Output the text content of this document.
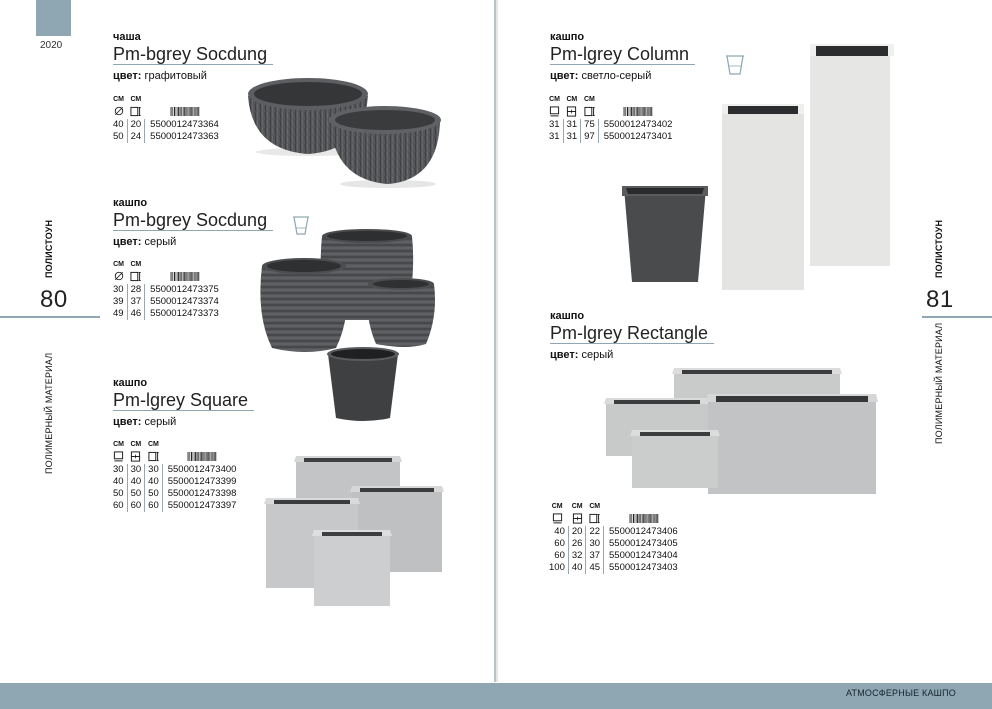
2020
АТМОСФЕРНЫЕ КАШПО
80
ПОЛИСТОУН
ПОЛИМЕРНЫЙ МАТЕРИАЛ
81
ПОЛИСТОУН
ПОЛИМЕРНЫЙ МАТЕРИАЛ
чаша
Pm-bgrey Socdung
цвет: графитовый
СМ	СМ	

40	20	5500012473364
50	24	5500012473363
кашпо
Pm-bgrey Socdung
цвет: серый
СМ	СМ	

30	28	5500012473375
39	37	5500012473374
49	46	5500012473373
кашпо
Pm-lgrey Square
цвет: серый
СМ	СМ	СМ	

30	30	30	5500012473400
40	40	40	5500012473399
50	50	50	5500012473398
60	60	60	5500012473397
кашпо
Pm-lgrey Column
цвет: светло-серый
СМ	СМ	СМ	

31	31	75	5500012473402
31	31	97	5500012473401
кашпо
Pm-lgrey Rectangle
цвет: серый
СМ	СМ	СМ	

40	20	22	5500012473406
60	26	30	5500012473405
60	32	37	5500012473404
100	40	45	5500012473403
